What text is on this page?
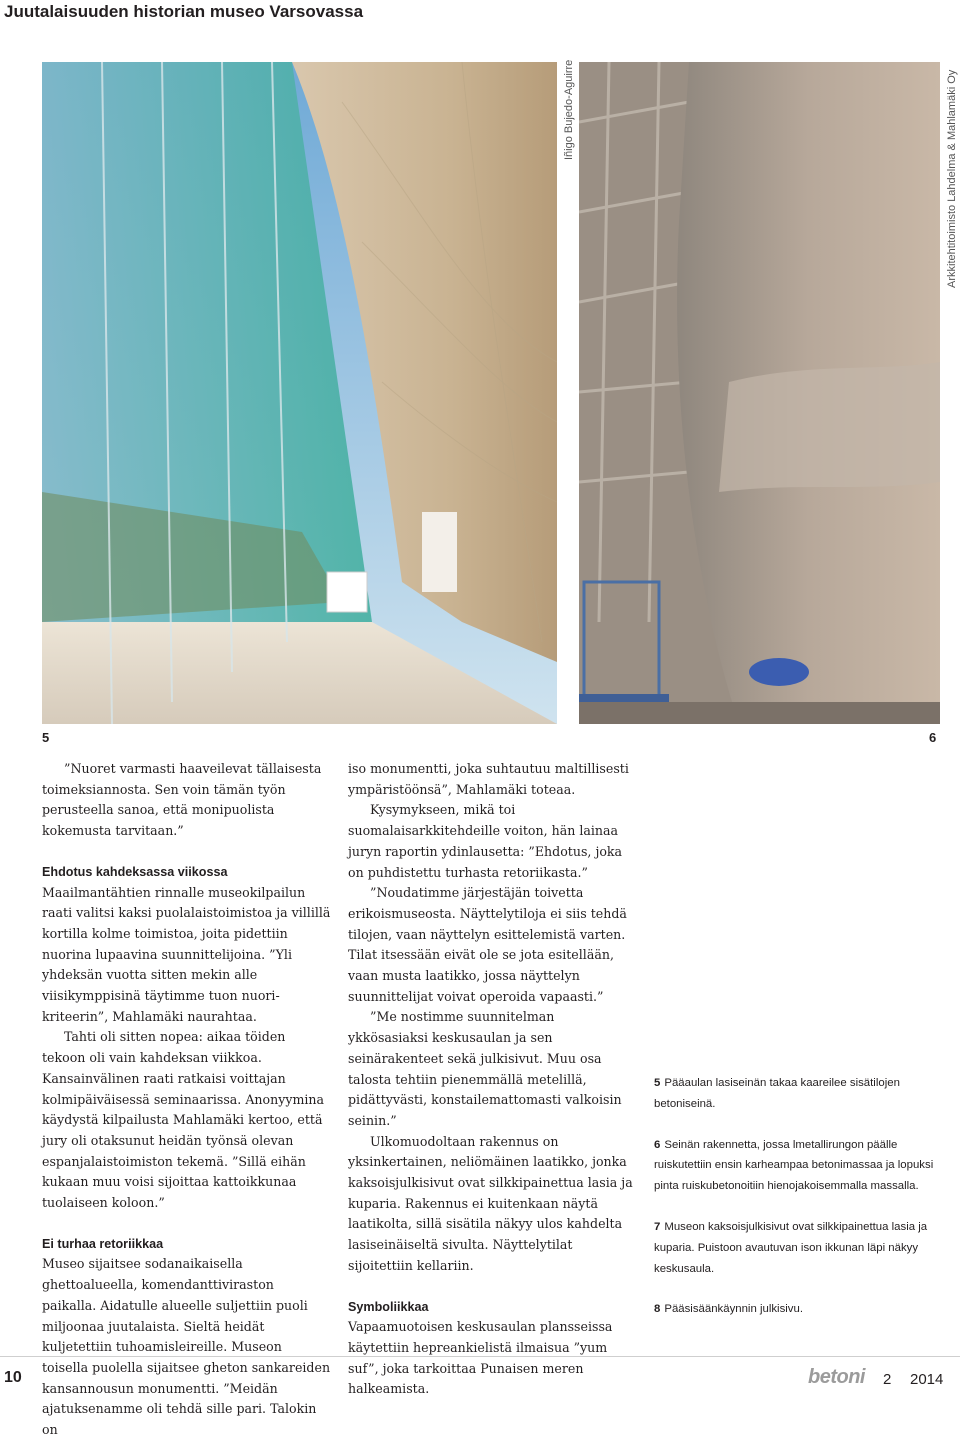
Juutalaisuuden historian museo Varsovassa
Iñigo Bujedo-Aguirre	Arkkitehtitoimisto Lahdelma & Mahlamäki Oy
5	6

”Nuoret varmasti haaveilevat tällaisesta toimeksiannosta. Sen voin tämän työn perusteella sanoa, että monipuolista kokemusta tarvitaan.”

Ehdotus kahdeksassa viikossa

Maailmantähtien rinnalle museokilpailun raati valitsi kaksi puolalaistoimistoa ja villillä kortilla kolme toimistoa, joita pidettiin nuorina lupaavina suunnittelijoina. ”Yli yhdeksän vuotta sitten mekin alle viisikymppisinä täytimme tuon nuori-kriteerin”, Mahlamäki naurahtaa.

Tahti oli sitten nopea: aikaa töiden tekoon oli vain kahdeksan viikkoa. Kansainvälinen raati ratkaisi voittajan kolmipäiväisessä seminaarissa. Anonyymina käydystä kilpailusta Mahlamäki kertoo, että jury oli otaksunut heidän työnsä olevan espanjalaistoimiston tekemä. ”Sillä eihän kukaan muu voisi sijoittaa kattoikkunaa tuolaiseen koloon.”

Ei turhaa retoriikkaa

Museo sijaitsee sodanaikaisella ghettoalueella, komendanttiviraston paikalla. Aidatulle alueelle suljettiin puoli miljoonaa juutalaista. Sieltä heidät kuljetettiin tuhoamisleireille. Museon toisella puolella sijaitsee gheton sankareiden kansannousun monumentti. ”Meidän ajatuksenamme oli tehdä sille pari. Talokin on

iso monumentti, joka suhtautuu maltillisesti ympäristöönsä”, Mahlamäki toteaa.

Kysymykseen, mikä toi suomalaisarkkitehdeille voiton, hän lainaa juryn raportin ydinlausetta: ”Ehdotus, joka on puhdistettu turhasta retoriikasta.”

”Noudatimme järjestäjän toivetta erikoismuseosta. Näyttelytiloja ei siis tehdä tilojen, vaan näyttelyn esittelemistä varten. Tilat itsessään eivät ole se jota esitellään, vaan musta laatikko, jossa näyttelyn suunnittelijat voivat operoida vapaasti.”

”Me nostimme suunnitelman ykkösasiaksi keskusaulan ja sen seinärakenteet sekä julkisivut. Muu osa talosta tehtiin pienemmällä metelillä, pidättyvästi, konstailemattomasti valkoisin seinin.”

Ulkomuodoltaan rakennus on yksinkertainen, neliömäinen laatikko, jonka kaksoisjulkisivut ovat silkkipainettua lasia ja kuparia. Rakennus ei kuitenkaan näytä laatikolta, sillä sisätila näkyy ulos kahdelta lasiseinäiseltä sivulta. Näyttelytilat sijoitettiin kellariin.

Symboliikkaa

Vapaamuotoisen keskusaulan plansseissa käytettiin hepreankielistä ilmaisua ”yum suf”, joka tarkoittaa Punaisen meren halkeamista.

5 Pääaulan lasiseinän takaa kaareilee sisätilojen betoniseinä.

6 Seinän rakennetta, jossa lmetallirungon päälle ruiskutettiin ensin karheampaa betonimassaa ja lopuksi pinta ruiskubetonoitiin hienojakoisemmalla massalla.

7 Museon kaksoisjulkisivut ovat silkkipainettua lasia ja kuparia. Puistoon avautuvan ison ikkunan läpi näkyy keskusaula.

8 Pääsisäänkäynnin julkisivu.

10	betoni 2 2014
